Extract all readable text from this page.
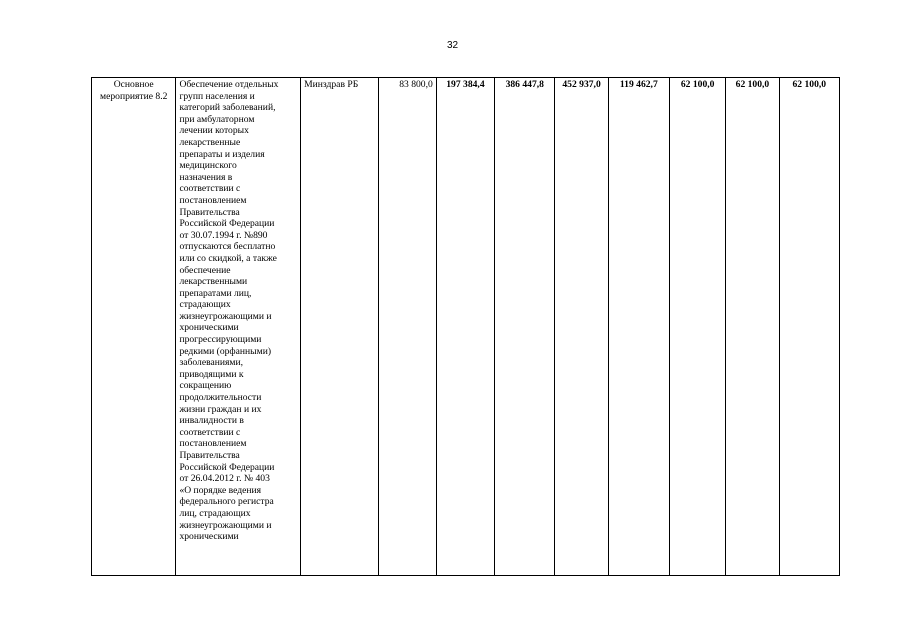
32
Основное мероприятие 8.2	
Обеспечение отдельных
групп населения и
категорий заболеваний,
при амбулаторном
лечении которых
лекарственные
препараты и изделия
медицинского
назначения в
соответствии с
постановлением
Правительства
Российской Федерации
от 30.07.1994 г. №890
отпускаются бесплатно
или со скидкой, а также
обеспечение
лекарственными
препаратами лиц,
страдающих
жизнеугрожающими и
хроническими
прогрессирующими
редкими (орфанными)
заболеваниями,
приводящими к
сокращению
продолжительности
жизни граждан и их
инвалидности в
соответствии с
постановлением
Правительства
Российской Федерации
от 26.04.2012 г. № 403
«О порядке ведения
федерального регистра
лиц, страдающих
жизнеугрожающими и
хроническими
	Минздрав РБ	83 800,0	197 384,4	386 447,8	452 937,0	119 462,7	62 100,0	62 100,0	62 100,0
